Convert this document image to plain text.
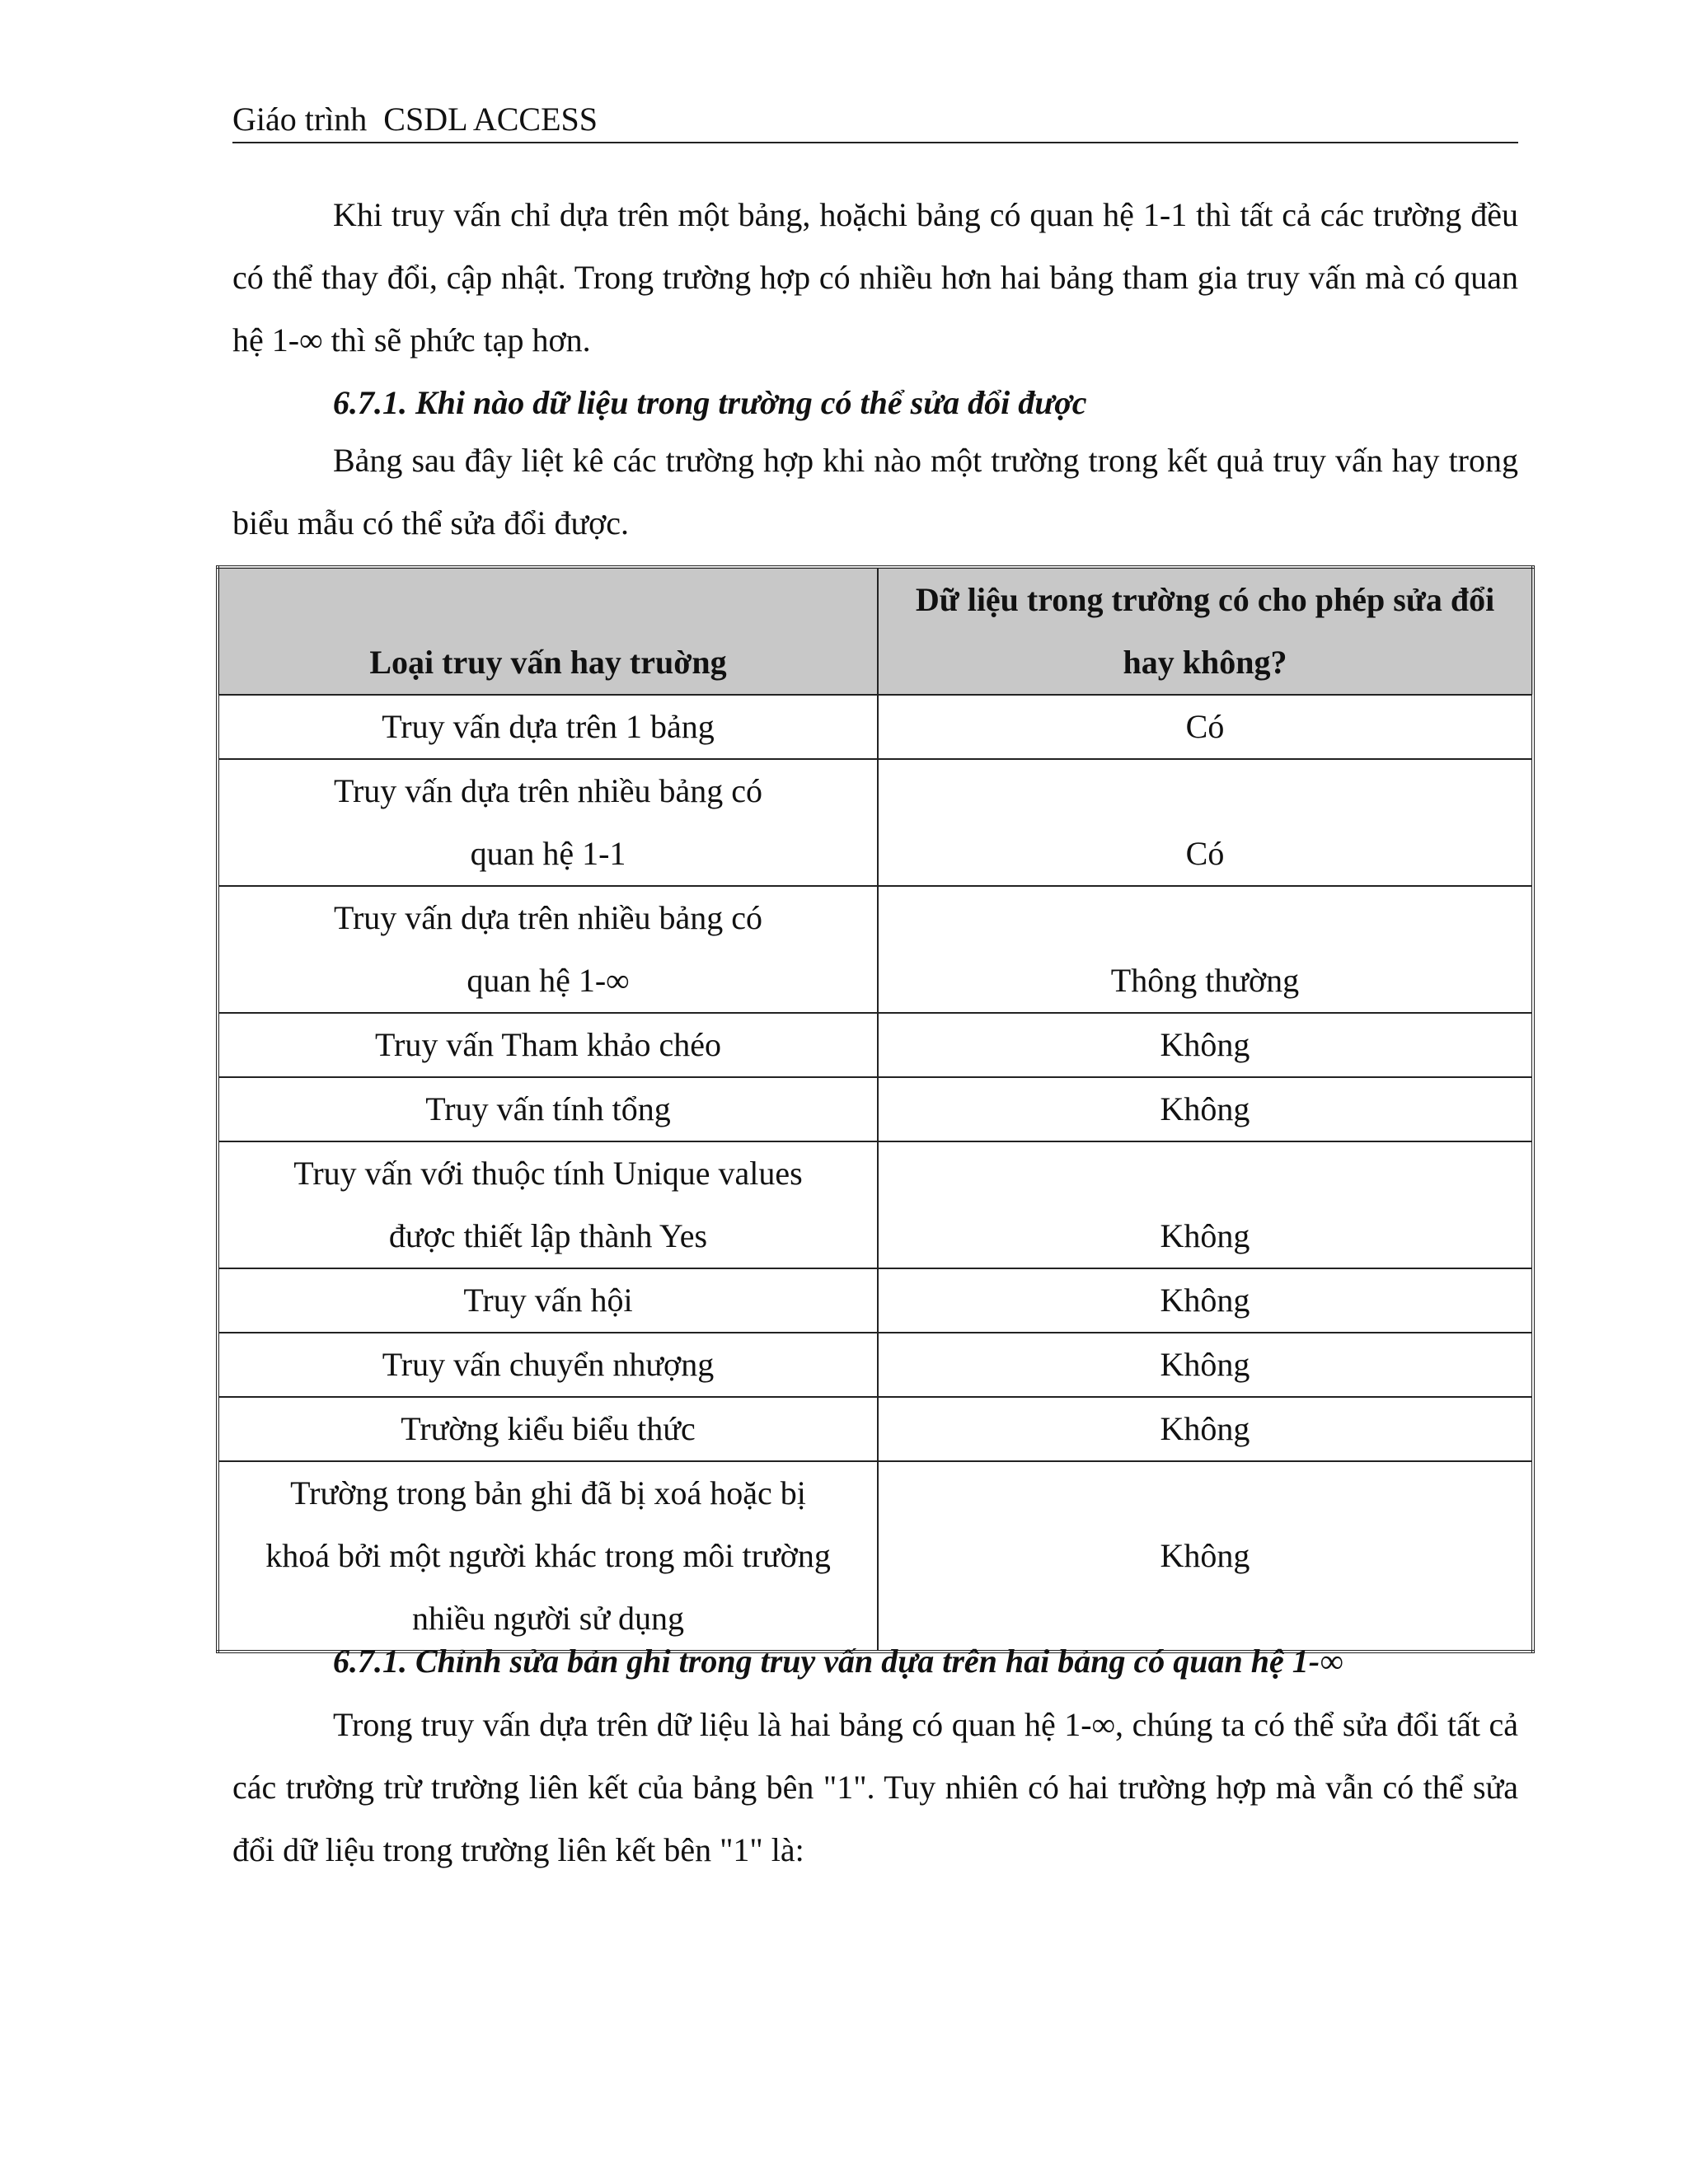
Giáo trình  CSDL ACCESS
Khi truy vấn chỉ dựa trên một bảng, hoặchi bảng có quan hệ 1-1 thì tất cả các trường đều có thể thay đổi, cập nhật. Trong trường hợp có nhiều hơn hai bảng tham gia truy vấn mà có quan hệ 1-∞ thì sẽ phức tạp hơn.
6.7.1. Khi nào dữ liệu trong trường có thể sửa đổi được
Bảng sau đây liệt kê các trường hợp khi nào một trường trong kết quả truy vấn hay trong biểu mẫu có thể sửa đổi được.
Loại truy vấn hay truờng	Dữ liệu trong trường có cho phép sửa đổi
hay không?

Truy vấn dựa trên 1 bảng	Có

Truy vấn dựa trên nhiều bảng có
quan hệ 1-1	Có

Truy vấn dựa trên nhiều bảng có
quan hệ 1-∞	Thông thường

Truy vấn Tham khảo chéo	Không

Truy vấn tính tổng	Không

Truy vấn với thuộc tính Unique values
được thiết lập thành Yes	Không

Truy vấn hội	Không

Truy vấn chuyển nhượng	Không

Trường kiểu biểu thức	Không

Trường trong bản ghi đã bị xoá hoặc bị
khoá bởi một người khác trong môi trường
nhiều người sử dụng	Không
6.7.1. Chỉnh sửa bản ghi trong truy vấn dựa trên hai bảng có quan hệ 1-∞
Trong truy vấn dựa trên dữ liệu là hai bảng có quan hệ 1-∞, chúng ta có thể sửa đổi tất cả các trường trừ trường liên kết của bảng bên "1". Tuy nhiên có hai trường hợp mà vẫn có thể sửa đổi dữ liệu trong trường liên kết bên "1" là:
